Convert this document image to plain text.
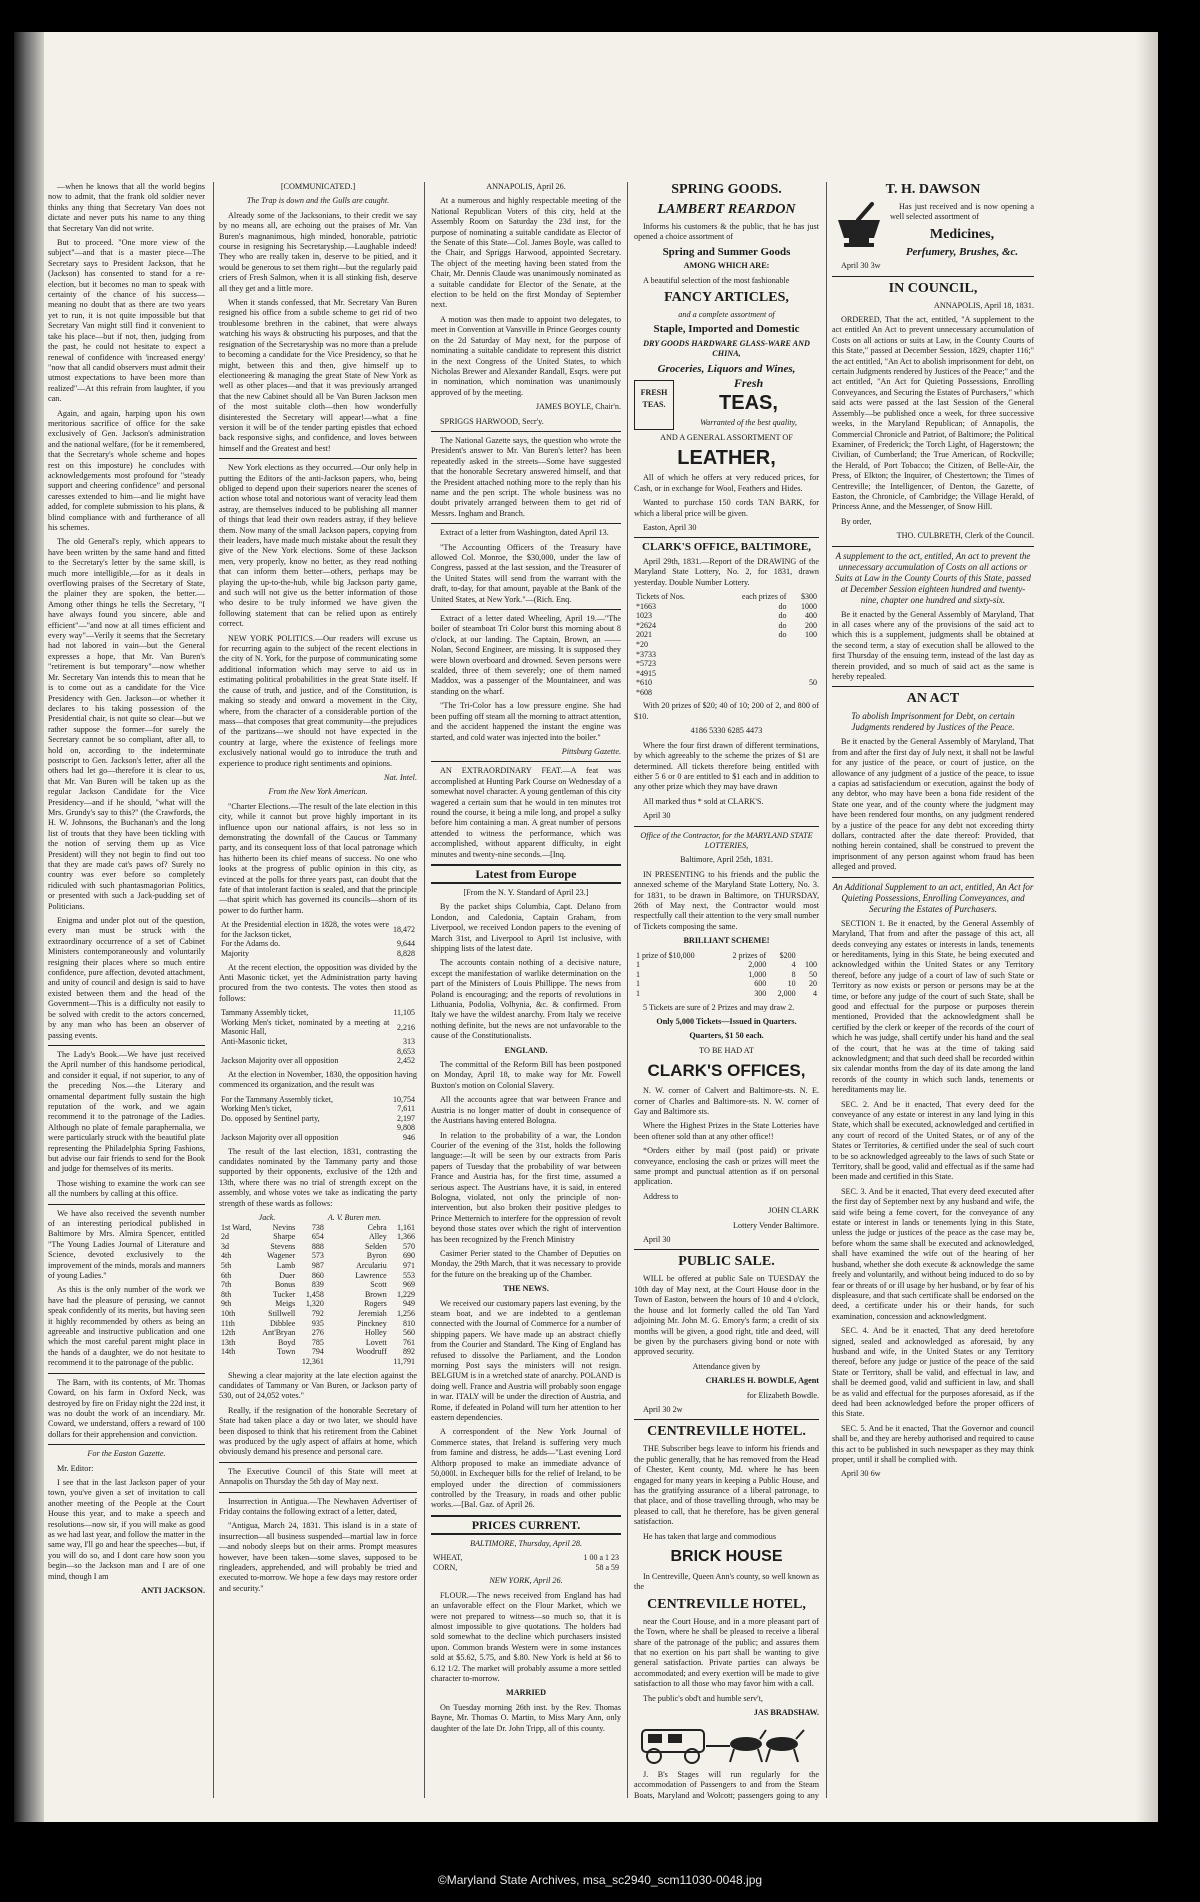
—when he knows that all the world begins now to admit, that the frank old soldier never thinks any thing that Secretary Van does not dictate and never puts his name to any thing that Secretary Van did not write.

But to proceed. "One more view of the subject"—and that is a master piece—The Secretary says to President Jackson, that he (Jackson) has consented to stand for a re-election, but it becomes no man to speak with certainty of the chance of his success—meaning no doubt that as there are two years yet to run, it is not quite impossible but that Secretary Van might still find it convenient to take his place—but if not, then, judging from the past, he could not hesitate to expect a renewal of confidence with 'increased energy' "now that all candid observers must admit their utmost expectations to have been more than realized"—At this refrain from laughter, if you can.

Again, and again, harping upon his own meritorious sacrifice of office for the sake exclusively of Gen. Jackson's administration and the national welfare, (for be it remembered, that the Secretary's whole scheme and hopes rest on this imposture) he concludes with acknowledgements most profound for "steady support and cheering confidence" and personal caresses extended to him—and lie might have added, for complete submission to his plans, & blind compliance with and furtherance of all his schemes.

The old General's reply, which appears to have been written by the same hand and fitted to the Secretary's letter by the same skill, is much more intelligible,—for as it deals in overflowing praises of the Secretary of State, the plainer they are spoken, the better.—Among other things he tells the Secretary, "I have always found you sincere, able and efficient"—"and now at all times efficient and every way"—Verily it seems that the Secretary had not labored in vain—but the General expresses a hope, that Mr. Van Buren's "retirement is but temporary"—now whether Mr. Secretary Van intends this to mean that he is to come out as a candidate for the Vice Presidency with Gen. Jackson—or whether it declares to his taking possession of the Presidential chair, is not quite so clear—but we rather suppose the former—for surely the Secretary cannot be so compliant, after all, to hold on, according to the indeterminate postscript to Gen. Jackson's letter, after all the others had let go—therefore it is clear to us, that Mr. Van Buren will be taken up as the regular Jackson Candidate for the Vice Presidency—and if he should, "what will the Mrs. Grundy's say to this?" (the Crawfords, the H. W. Johnsons, the Buchanan's and the long list of trouts that they have been tickling with the notion of serving them up as Vice President) will they not begin to find out too that they are made cat's paws of? Surely no country was ever before so completely ridiculed with such phantasmagorian Politics, or presented with such a Jack-pudding set of Politicians.

Enigma and under plot out of the question, every man must be struck with the extraordinary occurrence of a set of Cabinet Ministers contemporaneously and voluntarily resigning their places where so much entire confidence, pure affection, devoted attachment, and unity of council and design is said to have existed between them and the head of the Government—This is a difficulty not easily to be solved with credit to the actors concerned, by any man who has been an observer of passing events.

The Lady's Book.—We have just received the April number of this handsome periodical, and consider it equal, if not superior, to any of the preceding Nos.—the Literary and ornamental department fully sustain the high reputation of the work, and we again recommend it to the patronage of the Ladies. Although no plate of female paraphernalia, we were particularly struck with the beautiful plate representing the Philadelphia Spring Fashions, but advise our fair friends to send for the Book and judge for themselves of its merits.

Those wishing to examine the work can see all the numbers by calling at this office.

We have also received the seventh number of an interesting periodical published in Baltimore by Mrs. Almira Spencer, entitled "The Young Ladies Journal of Literature and Science, devoted exclusively to the improvement of the minds, morals and manners of young Ladies."

As this is the only number of the work we have had the pleasure of perusing, we cannot speak confidently of its merits, but having seen it highly recommended by others as being an agreeable and instructive publication and one which the most careful parent might place in the hands of a daughter, we do not hesitate to recommend it to the patronage of the public.

The Barn, with its contents, of Mr. Thomas Coward, on his farm in Oxford Neck, was destroyed by fire on Friday night the 22d inst, it was no doubt the work of an incendiary. Mr. Coward, we understand, offers a reward of 100 dollars for their apprehension and conviction.

For the Easton Gazette.

Mr. Editor:

I see that in the last Jackson paper of your town, you've given a set of invitation to call another meeting of the People at the Court House this year, and to make a speech and resolutions—now sir, if you will make as good as we had last year, and follow the matter in the same way, I'll go and hear the speeches—but, if you will do so, and I dont care how soon you begin—so the Jackson man and I are of one mind, though I am

ANTI JACKSON.

[COMMUNICATED.]

The Trap is down and the Gulls are caught.

Already some of the Jacksonians, to their credit we say by no means all, are echoing out the praises of Mr. Van Buren's magnanimous, high minded, honorable, patriotic course in resigning his Secretaryship.—Laughable indeed! They who are really taken in, deserve to be pitied, and it would be generous to set them right—but the regularly paid criers of Fresh Salmon, when it is all stinking fish, deserve all they get and a little more.

When it stands confessed, that Mr. Secretary Van Buren resigned his office from a subtle scheme to get rid of two troublesome brethren in the cabinet, that were always watching his ways & obstructing his purposes, and that the resignation of the Secretaryship was no more than a prelude to becoming a candidate for the Vice Presidency, so that he might, between this and then, give himself up to electioneering & managing the great State of New York as well as other places—and that it was previously arranged that the new Cabinet should all be Van Buren Jackson men of the most suitable cloth—then how wonderfully disinterested the Secretary will appear!—what a fine version it will be of the tender parting epistles that echoed back responsive sighs, and confidence, and loves between himself and the Greatest and best!

New York elections as they occurred.—Our only help in putting the Editors of the anti-Jackson papers, who, being obliged to depend upon their superiors nearer the scenes of action whose total and notorious want of veracity lead them astray, are themselves induced to be publishing all manner of things that lead their own readers astray, if they believe them. Now many of the small Jackson papers, copying from their leaders, have made much mistake about the result they give of the New York elections. Some of these Jackson men, very properly, know no better, as they read nothing that can inform them better—others, perhaps may be playing the up-to-the-hub, while big Jackson party game, and such will not give us the better information of those who desire to be truly informed we have given the following statement that can be relied upon as entirely correct.

NEW YORK POLITICS.—Our readers will excuse us for recurring again to the subject of the recent elections in the city of N. York, for the purpose of communicating some additional information which may serve to aid us in estimating political probabilities in the great State itself. If the cause of truth, and justice, and of the Constitution, is making so steady and onward a movement in the City, where, from the character of a considerable portion of the mass—that composes that great community—the prejudices of the partizans—we should not have expected in the country at large, where the existence of feelings more exclusively national would go to introduce the truth and experience to produce right sentiments and opinions.

Nat. Intel.

From the New York American.

"Charter Elections.—The result of the late election in this city, while it cannot but prove highly important in its influence upon our national affairs, is not less so in demonstrating the downfall of the Caucus or Tammany party, and its consequent loss of that local patronage which has hitherto been its chief means of success. No one who looks at the progress of public opinion in this city, as evinced at the polls for three years past, can doubt that the fate of that intolerant faction is sealed, and that the principle—that spirit which has governed its councils—shorn of its power to do further harm.

At the Presidential election in 1828, the votes were for the Jackson ticket,	18,472
For the Adams do.	9,644
Majority	8,828

At the recent election, the opposition was divided by the Anti Masonic ticket, yet the Administration party having procured from the two contests. The votes then stood as follows:

Tammany Assembly ticket,	11,105
Working Men's ticket, nominated by a meeting at Masonic Hall,	2,216
Anti-Masonic ticket,	313
	8,653
Jackson Majority over all opposition	2,452

At the election in November, 1830, the opposition having commenced its organization, and the result was

For the Tammany Assembly ticket,	10,754
Working Men's ticket,	7,611
Do. opposed by Sentinel party,	2,197
	9,808
Jackson Majority over all opposition	946

The result of the last election, 1831, contrasting the candidates nominated by the Tammany party and those supported by their opponents, exclusive of the 12th and 13th, where there was no trial of strength except on the assembly, and whose votes we take as indicating the party strength of these wards as follows:

	Jack.		A. V. Buren men.	
1st Ward,	Nevins	738	Cebra	1,161
2d	Sharpe	654	Alley	1,366
3d	Stevens	888	Selden	570
4th	Wagener	573	Byron	690
5th	Lamb	987	Arculariu	971
6th	Duer	860	Lawrence	553
7th	Bonus	839	Scott	969
8th	Tucker	1,458	Brown	1,229
9th	Meigs	1,320	Rogers	949
10th	Stillwell	792	Jeremiah	1,256
11th	Dibblee	935	Pinckney	810
12th	Ant'Bryan	276	Holley	560
13th	Boyd	785	Lovett	761
14th	Town	794	Woodruff	892
		12,361		11,791

Shewing a clear majority at the late election against the candidates of Tammany or Van Buren, or Jackson party of 530, out of 24,052 votes."

Really, if the resignation of the honorable Secretary of State had taken place a day or two later, we should have been disposed to think that his retirement from the Cabinet was produced by the ugly aspect of affairs at home, which obviously demand his presence and personal care.

The Executive Council of this State will meet at Annapolis on Thursday the 5th day of May next.

Insurrection in Antigua.—The Newhaven Advertiser of Friday contains the following extract of a letter, dated,

"Antigua, March 24, 1831. This island is in a state of insurrection—all business suspended—martial law in force—and nobody sleeps but on their arms. Prompt measures however, have been taken—some slaves, supposed to be ringleaders, apprehended, and will probably be tried and executed to-morrow. We hope a few days may restore order and security."

ANNAPOLIS, April 26.

At a numerous and highly respectable meeting of the National Republican Voters of this city, held at the Assembly Room on Saturday the 23d inst, for the purpose of nominating a suitable candidate as Elector of the Senate of this State—Col. James Boyle, was called to the Chair, and Spriggs Harwood, appointed Secretary. The object of the meeting having been stated from the Chair, Mr. Dennis Claude was unanimously nominated as a suitable candidate for Elector of the Senate, at the election to be held on the first Monday of September next.

A motion was then made to appoint two delegates, to meet in Convention at Vansville in Prince Georges county on the 2d Saturday of May next, for the purpose of nominating a suitable candidate to represent this district in the next Congress of the United States, to which Nicholas Brewer and Alexander Randall, Esqrs. were put in nomination, which nomination was unanimously approved of by the meeting.

JAMES BOYLE, Chair'n.

SPRIGGS HARWOOD, Secr'y.

The National Gazette says, the question who wrote the President's answer to Mr. Van Buren's letter? has been repeatedly asked in the streets—Some have suggested that the honorable Secretary answered himself, and that the President attached nothing more to the reply than his name and the pen script. The whole business was no doubt privately arranged between them to get rid of Messrs. Ingham and Branch.

Extract of a letter from Washington, dated April 13.

"The Accounting Officers of the Treasury have allowed Col. Monroe, the $30,000, under the law of Congress, passed at the last session, and the Treasurer of the United States will send from the warrant with the draft, to-day, for that amount, payable at the Bank of the United States, at New York."—(Rich. Enq.

Extract of a letter dated Wheeling, April 19.—"The boiler of steamboat Tri Color burst this morning about 8 o'clock, at our landing. The Captain, Brown, an —— Nolan, Second Engineer, are missing. It is supposed they were blown overboard and drowned. Seven persons were scalded, three of them severely; one of them named Maddox, was a passenger of the Mountaineer, and was standing on the wharf.

"The Tri-Color has a low pressure engine. She had been puffing off steam all the morning to attract attention, and the accident happened the instant the engine was started, and cold water was injected into the boiler."

Pittsburg Gazette.

AN EXTRAORDINARY FEAT.—A feat was accomplished at Hunting Park Course on Wednesday of a somewhat novel character. A young gentleman of this city wagered a certain sum that he would in ten minutes trot round the course, it being a mile long, and propel a sulky before him containing a man. A great number of persons attended to witness the performance, which was accomplished, without apparent difficulty, in eight minutes and twenty-nine seconds.—[Inq.

Latest from Europe

[From the N. Y. Standard of April 23.]

By the packet ships Columbia, Capt. Delano from London, and Caledonia, Captain Graham, from Liverpool, we received London papers to the evening of March 31st, and Liverpool to April 1st inclusive, with shipping lists of the latest date.

The accounts contain nothing of a decisive nature, except the manifestation of warlike determination on the part of the Ministers of Louis Phillippe. The news from Poland is encouraging; and the reports of revolutions in Lithuania, Podolia, Volhynia, &c. & confirmed. From Italy we have the wildest anarchy. From Italy we receive nothing definite, but the news are not unfavorable to the cause of the Constitutionalists.

ENGLAND.

The committal of the Reform Bill has been postponed on Monday, April 18, to make way for Mr. Fowell Buxton's motion on Colonial Slavery.

All the accounts agree that war between France and Austria is no longer matter of doubt in consequence of the Austrians having entered Bologna.

In relation to the probability of a war, the London Courier of the evening of the 31st, holds the following language:—It will be seen by our extracts from Paris papers of Tuesday that the probability of war between France and Austria has, for the first time, assumed a serious aspect. The Austrians have, it is said, in entered Bologna, violated, not only the principle of non-intervention, but also broken their positive pledges to Prince Metternich to interfere for the oppression of revolt beyond those states over which the right of intervention has been recognized by the French Ministry

Casimer Perier stated to the Chamber of Deputies on Monday, the 29th March, that it was necessary to provide for the future on the breaking up of the Chamber.

THE NEWS.

We received our customary papers last evening, by the steam boat, and we are indebted to a gentleman connected with the Journal of Commerce for a number of shipping papers. We have made up an abstract chiefly from the Courier and Standard. The King of England has refused to dissolve the Parliament, and the London morning Post says the ministers will not resign. BELGIUM is in a wretched state of anarchy. POLAND is doing well. France and Austria will probably soon engage in war. ITALY will be under the direction of Austria, and Rome, if defeated in Poland will turn her attention to her eastern dependencies.

A correspondent of the New York Journal of Commerce states, that Ireland is suffering very much from famine and distress, he adds—"Last evening Lord Althorp proposed to make an immediate advance of 50,000l. in Exchequer bills for the relief of Ireland, to be employed under the direction of commissioners controlled by the Treasury, in roads and other public works.—[Bal. Gaz. of April 26.

PRICES CURRENT.

BALTIMORE, Thursday, April 28.

WHEAT,	1 00 a 1 23
CORN,	58 a 59

NEW YORK, April 26.

FLOUR.—The news received from England has had an unfavorable effect on the Flour Market, which we were not prepared to witness—so much so, that it is almost impossible to give quotations. The holders had sold somewhat to the decline which purchasers insisted upon. Common brands Western were in some instances sold at $5.62, 5.75, and $.80. New York is held at $6 to 6.12 1/2. The market will probably assume a more settled character to-morrow.

MARRIED

On Tuesday morning 26th inst. by the Rev. Thomas Bayne, Mr. Thomas O. Martin, to Miss Mary Ann, only daughter of the late Dr. John Tripp, all of this county.

SPRING GOODS.

LAMBERT REARDON

Informs his customers & the public, that he has just opened a choice assortment of

Spring and Summer Goods

AMONG WHICH ARE:

A beautiful selection of the most fashionable

FANCY ARTICLES,

and a complete assortment of

Staple, Imported and Domestic

DRY GOODS HARDWARE GLASS-WARE AND CHINA,

Groceries, Liquors and Wines,

FRESH
TEAS.

Fresh

TEAS,

Warranted of the best quality,

AND A GENERAL ASSORTMENT OF

LEATHER,

All of which he offers at very reduced prices, for Cash, or in exchange for Wool, Feathers and Hides.

Wanted to purchase 150 cords TAN BARK, for which a liberal price will be given.

Easton, April 30

CLARK'S OFFICE, BALTIMORE,

April 29th, 1831.—Report of the DRAWING of the Maryland State Lottery, No. 2, for 1831, drawn yesterday. Double Number Lottery.

Tickets of Nos.	each prizes of	$300
*1663	do	1000
1023	do	400
*2624	do	200
2021	do	100
*20		
*3733		
*5723		
*4915		
*610		50
*608		

With 20 prizes of $20; 40 of 10; 200 of 2, and 800 of $10.

4186 5330 6285 4473

Where the four first drawn of different terminations, by which agreeably to the scheme the prizes of $1 are determined. All tickets therefore being entitled with either 5 6 or 0 are entitled to $1 each and in addition to any other prize which they may have drawn

All marked thus * sold at CLARK'S.

April 30

Office of the Contractor, for the MARYLAND STATE LOTTERIES,

Baltimore, April 25th, 1831.

IN PRESENTING to his friends and the public the annexed scheme of the Maryland State Lottery, No. 3. for 1831, to be drawn in Baltimore, on THURSDAY, 26th of May next, the Contractor would most respectfully call their attention to the very small number of Tickets composing the same.

BRILLIANT SCHEME!

1 prize of $10,000	2 prizes of	$200	
1	2,000	4	100
1	1,000	8	50
1	600	10	20
1	300	2,000	4

5 Tickets are sure of 2 Prizes and may draw 2.

Only 5,000 Tickets—Issued in Quarters.

Quarters, $1 50 each.

TO BE HAD AT

CLARK'S OFFICES,

N. W. corner of Calvert and Baltimore-sts. N. E. corner of Charles and Baltimore-sts. N. W. corner of Gay and Baltimore sts.

Where the Highest Prizes in the State Lotteries have been oftener sold than at any other office!!

*Orders either by mail (post paid) or private conveyance, enclosing the cash or prizes will meet the same prompt and punctual attention as if on personal application.

Address to

JOHN CLARK

Lottery Vender Baltimore.

April 30

PUBLIC SALE.

WILL be offered at public Sale on TUESDAY the 10th day of May next, at the Court House door in the Town of Easton, between the hours of 10 and 4 o'clock, the house and lot formerly called the old Tan Yard adjoining Mr. John M. G. Emory's farm; a credit of six months will be given, a good right, title and deed, will be given by the purchasers giving bond or note with approved security.

Attendance given by

CHARLES H. BOWDLE, Agent

for Elizabeth Bowdle.

April 30 2w

CENTREVILLE HOTEL.

THE Subscriber begs leave to inform his friends and the public generally, that he has removed from the Head of Chester, Kent county, Md. where he has been engaged for many years in keeping a Public House, and has the gratifying assurance of a liberal patronage, to that place, and of those travelling through, who may be pleased to call, that he therefore, has be given general satisfaction.

He has taken that large and commodious

BRICK HOUSE

In Centreville, Queen Ann's county, so well known as the

CENTREVILLE HOTEL,

near the Court House, and in a more pleasant part of the Town, where he shall be pleased to receive a liberal share of the patronage of the public; and assures them that no exertion on his part shall be wanting to give general satisfaction. Private parties can always be accommodated; and every exertion will be made to give satisfaction to all those who may favor him with a call.

The public's obd't and humble serv't,

JAS BRADSHAW.

J. B's Stages will run regularly for the accommodation of Passengers to and from the Steam Boats, Maryland and Wolcott; passengers going to any

T. H. DAWSON

Has just received and is now opening a well selected assortment of

Medicines,

Perfumery, Brushes, &c.

April 30 3w

IN COUNCIL,

ANNAPOLIS, April 18, 1831.

ORDERED, That the act, entitled, "A supplement to the act entitled An Act to prevent unnecessary accumulation of Costs on all actions or suits at Law, in the County Courts of this State," passed at December Session, 1829, chapter 116;" the act entitled, "An Act to abolish imprisonment for debt, on certain Judgments rendered by Justices of the Peace;" and the act entitled, "An Act for Quieting Possessions, Enrolling Conveyances, and Securing the Estates of Purchasers," which said acts were passed at the last Session of the General Assembly—be published once a week, for three successive weeks, in the Maryland Republican; of Annapolis, the Commercial Chronicle and Patriot, of Baltimore; the Political Examiner, of Frederick; the Torch Light, of Hagerstown; the Civilian, of Cumberland; the True American, of Rockville; the Herald, of Port Tobacco; the Citizen, of Belle-Air, the Press, of Elkton; the Inquirer, of Chestertown; the Times of Centreville; the Intelligencer, of Denton, the Gazette, of Easton, the Chronicle, of Cambridge; the Village Herald, of Princess Anne, and the Messenger, of Snow Hill.

By order,

THO. CULBRETH, Clerk of the Council.

A supplement to the act, entitled, An act to prevent the unnecessary accumulation of Costs on all actions or Suits at Law in the County Courts of this State, passed at December Session eighteen hundred and twenty-nine, chapter one hundred and sixty-six.

Be it enacted by the General Assembly of Maryland, That in all cases where any of the provisions of the said act to which this is a supplement, judgments shall be obtained at the second term, a stay of execution shall be allowed to the first Thursday of the ensuing term, instead of the last day as therein provided, and so much of said act as the same is hereby repealed.

AN ACT

To abolish Imprisonment for Debt, on certain Judgments rendered by Justices of the Peace.

Be it enacted by the General Assembly of Maryland, That from and after the first day of July next, it shall not be lawful for any justice of the peace, or court of justice, on the allowance of any judgment of a justice of the peace, to issue a capias ad satisfaciendum or execution, against the body of any debtor, who may have been a bona fide resident of the State one year, and of the county where the judgment may have been rendered four months, on any judgment rendered by a justice of the peace for any debt not exceeding thirty dollars, contracted after the date thereof: Provided, that nothing herein contained, shall be construed to prevent the imprisonment of any person against whom fraud has been alleged and proved.

An Additional Supplement to an act, entitled, An Act for Quieting Possessions, Enrolling Conveyances, and Securing the Estates of Purchasers.

SECTION 1. Be it enacted, by the General Assembly of Maryland, That from and after the passage of this act, all deeds conveying any estates or interests in lands, tenements or hereditaments, lying in this State, he being executed and acknowledged within the United States or any Territory thereof, before any judge of a court of law of such State or Territory as now exists or person or persons may be at the time, or before any judge of the court of such State, shall be good and effectual for the purpose or purposes therein mentioned, Provided that the acknowledgment shall be certified by the clerk or keeper of the records of the court of which he was judge, shall certify under his hand and the seal of the court, that he was at the time of taking said acknowledgment; and that such deed shall be recorded within six calendar months from the day of its date among the land records of the county in which such lands, tenements or hereditaments may lie.

SEC. 2. And be it enacted, That every deed for the conveyance of any estate or interest in any land lying in this State, which shall be executed, acknowledged and certified in any court of record of the United States, or of any of the States or Territories, & certified under the seal of such court to be so acknowledged agreeably to the laws of such State or Territory, shall be good, valid and effectual as if the same had been made and certified in this State.

SEC. 3. And be it enacted, That every deed executed after the first day of September next by any husband and wife, the said wife being a feme covert, for the conveyance of any estate or interest in lands or tenements lying in this State, unless the judge or justices of the peace as the case may be, before whom the same shall be executed and acknowledged, shall have examined the wife out of the hearing of her husband, whether she doth execute & acknowledge the same freely and voluntarily, and without being induced to do so by fear or threats of or ill usage by her husband, or by fear of his displeasure, and that such certificate shall be endorsed on the deed, a certificate under his or their hands, for such examination, concession and acknowledgment.

SEC. 4. And be it enacted, That any deed heretofore signed, sealed and acknowledged as aforesaid, by any husband and wife, in the United States or any Territory thereof, before any judge or justice of the peace of the said State or Territory, shall be valid, and effectual in law, and shall be deemed good, valid and sufficient in law, and shall be as valid and effectual for the purposes aforesaid, as if the deed had been acknowledged before the proper officers of this State.

SEC. 5. And be it enacted, That the Governor and council shall be, and they are hereby authorised and required to cause this act to be published in such newspaper as they may think proper, until it shall be complied with.

April 30 6w

©Maryland State Archives, msa_sc2940_scm11030-0048.jpg
